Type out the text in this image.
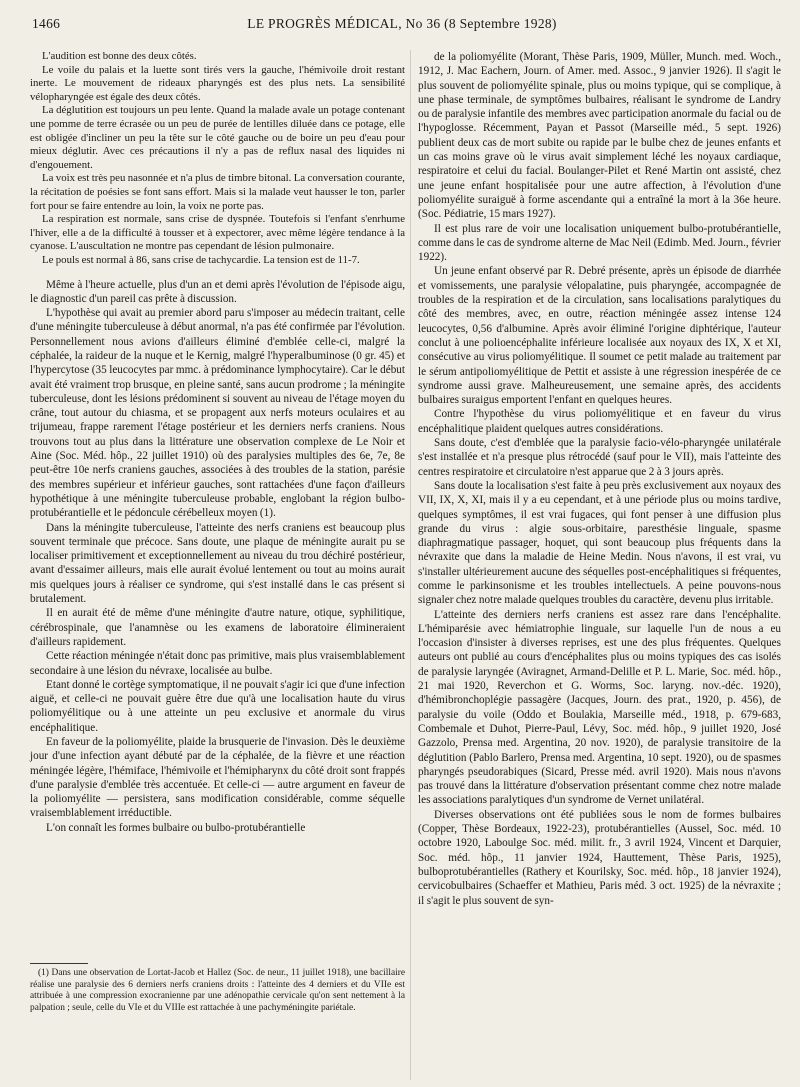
1466	LE PROGRÈS MÉDICAL, No 36 (8 Septembre 1928)

L'audition est bonne des deux côtés.

Le voile du palais et la luette sont tirés vers la gauche, l'hémivoile droit restant inerte. Le mouvement de rideaux pharyngés est des plus nets. La sensibilité vélopharyngée est égale des deux côtés.

La déglutition est toujours un peu lente. Quand la malade avale un potage contenant une pomme de terre écrasée ou un peu de purée de lentilles diluée dans ce potage, elle est obligée d'incliner un peu la tête sur le côté gauche ou de boire un peu d'eau pour mieux déglutir. Avec ces précautions il n'y a pas de reflux nasal des liquides ni d'engouement.

La voix est très peu nasonnée et n'a plus de timbre bitonal. La conversation courante, la récitation de poésies se font sans effort. Mais si la malade veut hausser le ton, parler fort pour se faire entendre au loin, la voix ne porte pas.

La respiration est normale, sans crise de dyspnée. Toutefois si l'enfant s'enrhume l'hiver, elle a de la difficulté à tousser et à expectorer, avec même légère tendance à la cyanose. L'auscultation ne montre pas cependant de lésion pulmonaire.

Le pouls est normal à 86, sans crise de tachycardie. La tension est de 11-7.

Même à l'heure actuelle, plus d'un an et demi après l'évolution de l'épisode aigu, le diagnostic d'un pareil cas prête à discussion.

L'hypothèse qui avait au premier abord paru s'imposer au médecin traitant, celle d'une méningite tuberculeuse à début anormal, n'a pas été confirmée par l'évolution. Personnellement nous avions d'ailleurs éliminé d'emblée celle-ci, malgré la céphalée, la raideur de la nuque et le Kernig, malgré l'hyperalbuminose (0 gr. 45) et l'hypercytose (35 leucocytes par mmc. à prédominance lymphocytaire). Car le début avait été vraiment trop brusque, en pleine santé, sans aucun prodrome ; la méningite tuberculeuse, dont les lésions prédominent si souvent au niveau de l'étage moyen du crâne, tout autour du chiasma, et se propagent aux nerfs moteurs oculaires et au trijumeau, frappe rarement l'étage postérieur et les derniers nerfs craniens. Nous trouvons tout au plus dans la littérature une observation complexe de Le Noir et Aine (Soc. Méd. hôp., 22 juillet 1910) où des paralysies multiples des 6e, 7e, 8e peut-être 10e nerfs craniens gauches, associées à des troubles de la station, parésie des membres supérieur et inférieur gauches, sont rattachées d'une façon d'ailleurs hypothétique à une méningite tuberculeuse probable, englobant la région bulbo-protubérantielle et le pédoncule cérébelleux moyen (1).

Dans la méningite tuberculeuse, l'atteinte des nerfs craniens est beaucoup plus souvent terminale que précoce. Sans doute, une plaque de méningite aurait pu se localiser primitivement et exceptionnellement au niveau du trou déchiré postérieur, avant d'essaimer ailleurs, mais elle aurait évolué lentement ou tout au moins aurait mis quelques jours à réaliser ce syndrome, qui s'est installé dans le cas présent si brutalement.

Il en aurait été de même d'une méningite d'autre nature, otique, syphilitique, cérébrospinale, que l'anamnèse ou les examens de laboratoire élimineraient d'ailleurs rapidement.

Cette réaction méningée n'était donc pas primitive, mais plus vraisemblablement secondaire à une lésion du névraxe, localisée au bulbe.

Etant donné le cortège symptomatique, il ne pouvait s'agir ici que d'une infection aiguë, et celle-ci ne pouvait guère être due qu'à une localisation haute du virus poliomyélitique ou à une atteinte un peu exclusive et anormale du virus encéphalitique.

En faveur de la poliomyélite, plaide la brusquerie de l'invasion. Dès le deuxième jour d'une infection ayant débuté par de la céphalée, de la fièvre et une réaction méningée légère, l'hémiface, l'hémivoile et l'hémipharynx du côté droit sont frappés d'une paralysie d'emblée très accentuée. Et celle-ci — autre argument en faveur de la poliomyélite — persistera, sans modification considérable, comme séquelle vraisemblablement irréductible.

L'on connaît les formes bulbaire ou bulbo-protubérantielle

(1) Dans une observation de Lortat-Jacob et Hallez (Soc. de neur., 11 juillet 1918), une bacillaire réalise une paralysie des 6 derniers nerfs craniens droits : l'atteinte des 4 derniers et du VIIe est attribuée à une compression exocranienne par une adénopathie cervicale qu'on sent nettement à la palpation ; seule, celle du VIe et du VIIIe est rattachée à une pachyméningite pariétale.

de la poliomyélite (Morant, Thèse Paris, 1909, Müller, Munch. med. Woch., 1912, J. Mac Eachern, Journ. of Amer. med. Assoc., 9 janvier 1926). Il s'agit le plus souvent de poliomyélite spinale, plus ou moins typique, qui se complique, à une phase terminale, de symptômes bulbaires, réalisant le syndrome de Landry ou de paralysie infantile des membres avec participation anormale du facial ou de l'hypoglosse. Récemment, Payan et Passot (Marseille méd., 5 sept. 1926) publient deux cas de mort subite ou rapide par le bulbe chez de jeunes enfants et un cas moins grave où le virus avait simplement léché les noyaux cardiaque, respiratoire et celui du facial. Boulanger-Pilet et René Martin ont assisté, chez une jeune enfant hospitalisée pour une autre affection, à l'évolution d'une poliomyélite suraiguë à forme ascendante qui a entraîné la mort à la 36e heure. (Soc. Pédiatrie, 15 mars 1927).

Il est plus rare de voir une localisation uniquement bulbo-protubérantielle, comme dans le cas de syndrome alterne de Mac Neil (Edimb. Med. Journ., février 1922).

Un jeune enfant observé par R. Debré présente, après un épisode de diarrhée et vomissements, une paralysie vélopalatine, puis pharyngée, accompagnée de troubles de la respiration et de la circulation, sans localisations paralytiques du côté des membres, avec, en outre, réaction méningée assez intense 124 leucocytes, 0,56 d'albumine. Après avoir éliminé l'origine diphtérique, l'auteur conclut à une polioencéphalite inférieure localisée aux noyaux des IX, X et XI, consécutive au virus poliomyélitique. Il soumet ce petit malade au traitement par le sérum antipoliomyélitique de Pettit et assiste à une régression inespérée de ce syndrome aussi grave. Malheureusement, une semaine après, des accidents bulbaires suraigus emportent l'enfant en quelques heures.

Contre l'hypothèse du virus poliomyélitique et en faveur du virus encéphalitique plaident quelques autres considérations.

Sans doute, c'est d'emblée que la paralysie facio-vélo-pharyngée unilatérale s'est installée et n'a presque plus rétrocédé (sauf pour le VII), mais l'atteinte des centres respiratoire et circulatoire n'est apparue que 2 à 3 jours après.

Sans doute la localisation s'est faite à peu près exclusivement aux noyaux des VII, IX, X, XI, mais il y a eu cependant, et à une période plus ou moins tardive, quelques symptômes, il est vrai fugaces, qui font penser à une diffusion plus grande du virus : algie sous-orbitaire, paresthésie linguale, spasme diaphragmatique passager, hoquet, qui sont beaucoup plus fréquents dans la névraxite que dans la maladie de Heine Medin. Nous n'avons, il est vrai, vu s'installer ultérieurement aucune des séquelles post-encéphalitiques si fréquentes, comme le parkinsonisme et les troubles intellectuels. A peine pouvons-nous signaler chez notre malade quelques troubles du caractère, devenu plus irritable.

L'atteinte des derniers nerfs craniens est assez rare dans l'encéphalite. L'hémiparésie avec hémiatrophie linguale, sur laquelle l'un de nous a eu l'occasion d'insister à diverses reprises, est une des plus fréquentes. Quelques auteurs ont publié au cours d'encéphalites plus ou moins typiques des cas isolés de paralysie laryngée (Aviragnet, Armand-Delille et P. L. Marie, Soc. méd. hôp., 21 mai 1920, Reverchon et G. Worms, Soc. laryng. nov.-déc. 1920), d'hémibronchoplégie passagère (Jacques, Journ. des prat., 1920, p. 456), de paralysie du voile (Oddo et Boulakia, Marseille méd., 1918, p. 679-683, Combemale et Duhot, Pierre-Paul, Lévy, Soc. méd. hôp., 9 juillet 1920, José Gazzolo, Prensa med. Argentina, 20 nov. 1920), de paralysie transitoire de la déglutition (Pablo Barlero, Prensa med. Argentina, 10 sept. 1920), ou de spasmes pharyngés pseudorabiques (Sicard, Presse méd. avril 1920). Mais nous n'avons pas trouvé dans la littérature d'observation présentant comme chez notre malade les associations paralytiques d'un syndrome de Vernet unilatéral.

Diverses observations ont été publiées sous le nom de formes bulbaires (Copper, Thèse Bordeaux, 1922-23), protubérantielles (Aussel, Soc. méd. 10 octobre 1920, Laboulge Soc. méd. milit. fr., 3 avril 1924, Vincent et Darquier, Soc. méd. hôp., 11 janvier 1924, Hauttement, Thèse Paris, 1925), bulboprotubérantielles (Rathery et Kourilsky, Soc. méd. hôp., 18 janvier 1924), cervicobulbaires (Schaeffer et Mathieu, Paris méd. 3 oct. 1925) de la névraxite ; il s'agit le plus souvent de syn-
